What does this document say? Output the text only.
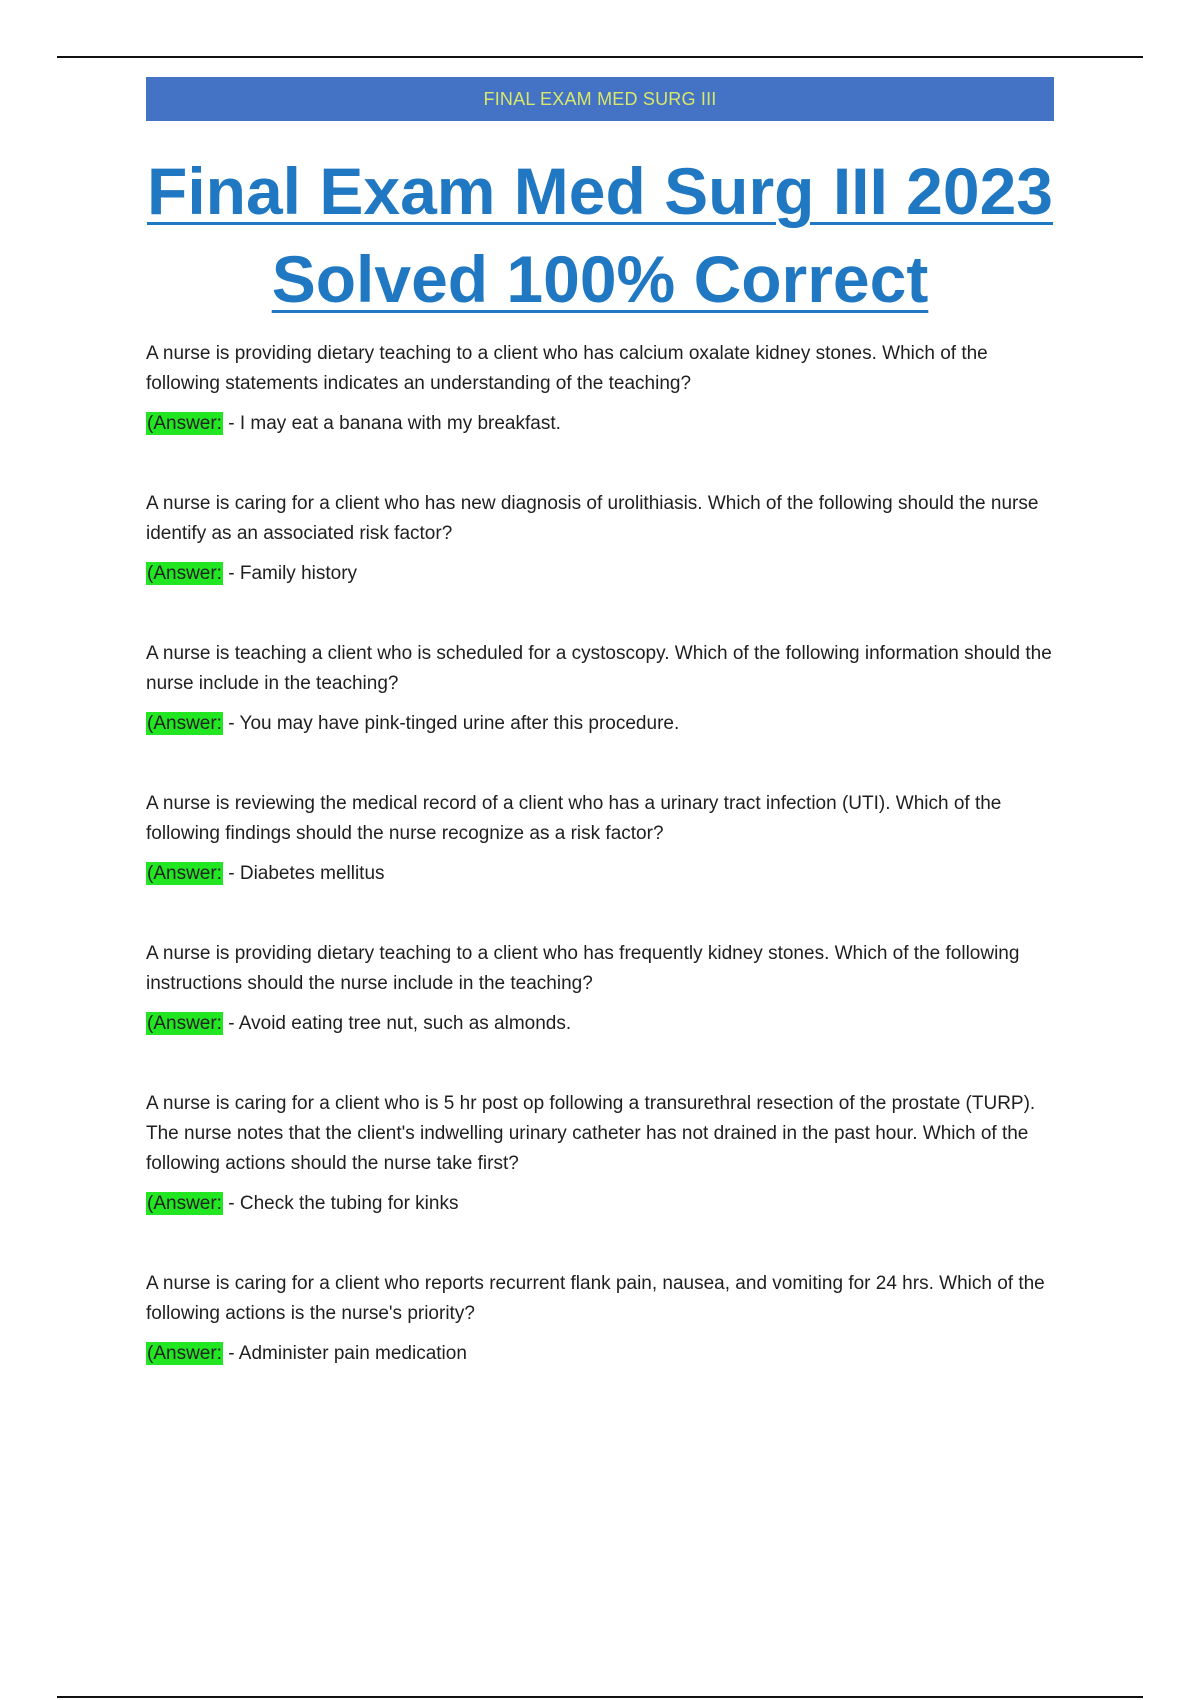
FINAL EXAM MED SURG III
Final Exam Med Surg III 2023
Solved 100% Correct

A nurse is providing dietary teaching to a client who has calcium oxalate kidney stones. Which of the following statements indicates an understanding of the teaching?

(Answer: - I may eat a banana with my breakfast.

A nurse is caring for a client who has new diagnosis of urolithiasis. Which of the following should the nurse identify as an associated risk factor?

(Answer: - Family history

A nurse is teaching a client who is scheduled for a cystoscopy. Which of the following information should the nurse include in the teaching?

(Answer: - You may have pink-tinged urine after this procedure.

A nurse is reviewing the medical record of a client who has a urinary tract infection (UTI). Which of the following findings should the nurse recognize as a risk factor?

(Answer: - Diabetes mellitus

A nurse is providing dietary teaching to a client who has frequently kidney stones. Which of the following instructions should the nurse include in the teaching?

(Answer: - Avoid eating tree nut, such as almonds.

A nurse is caring for a client who is 5 hr post op following a transurethral resection of the prostate (TURP). The nurse notes that the client's indwelling urinary catheter has not drained in the past hour. Which of the following actions should the nurse take first?

(Answer: - Check the tubing for kinks

A nurse is caring for a client who reports recurrent flank pain, nausea, and vomiting for 24 hrs. Which of the following actions is the nurse's priority?

(Answer: - Administer pain medication
